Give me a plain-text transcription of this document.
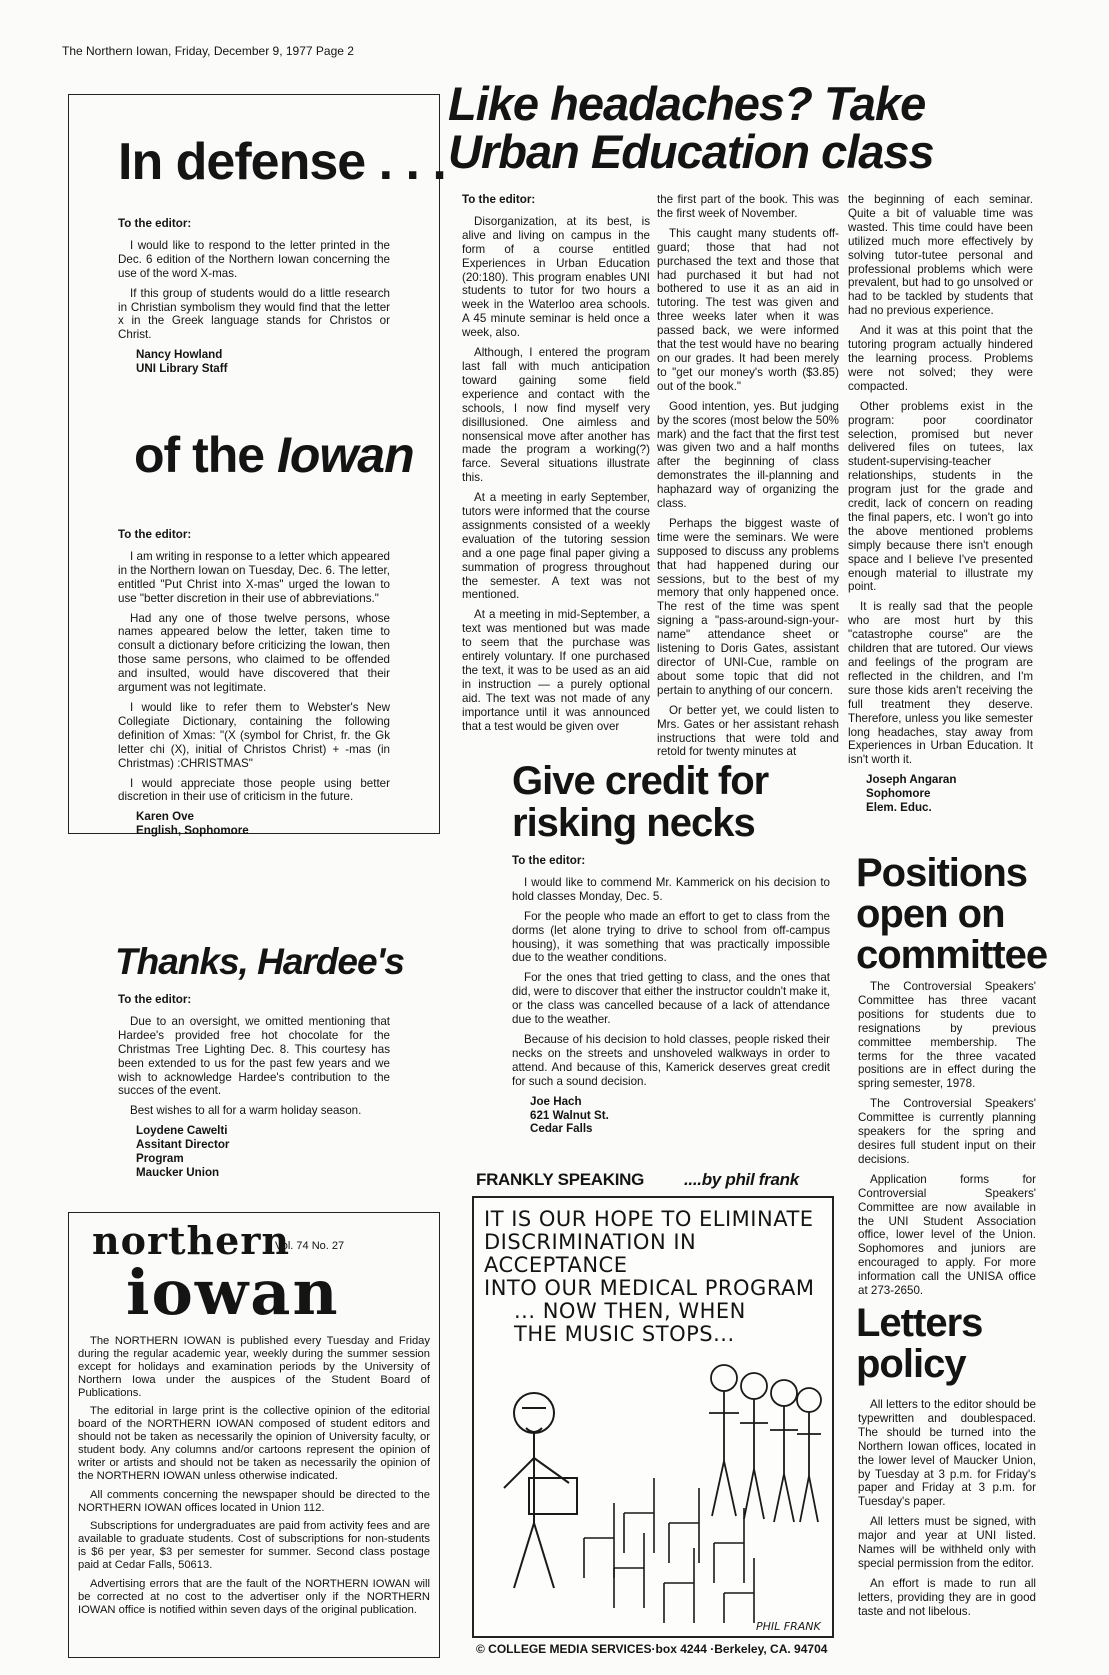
The Northern Iowan, Friday, December 9, 1977 Page 2
In defense . . .
To the editor:

I would like to respond to the letter printed in the Dec. 6 edition of the Northern Iowan concerning the use of the word X-mas.

If this group of students would do a little research in Christian symbolism they would find that the letter x in the Greek language stands for Christos or Christ.

Nancy Howland
UNI Library Staff
of the Iowan
To the editor:

I am writing in response to a letter which appeared in the Northern Iowan on Tuesday, Dec. 6. The letter, entitled "Put Christ into X-mas" urged the Iowan to use "better discretion in their use of abbreviations."

Had any one of those twelve persons, whose names appeared below the letter, taken time to consult a dictionary before criticizing the Iowan, then those same persons, who claimed to be offended and insulted, would have discovered that their argument was not legitimate.

I would like to refer them to Webster's New Collegiate Dictionary, containing the following definition of Xmas: "(X (symbol for Christ, fr. the Gk letter chi (X), initial of Christos Christ) + -mas (in Christmas) :CHRISTMAS"

I would appreciate those people using better discretion in their use of criticism in the future.

Karen Ove
English, Sophomore
Thanks, Hardee's
To the editor:

Due to an oversight, we omitted mentioning that Hardee's provided free hot chocolate for the Christmas Tree Lighting Dec. 8. This courtesy has been extended to us for the past few years and we wish to acknowledge Hardee's contribution to the succes of the event.

Best wishes to all for a warm holiday season.

Loydene Cawelti
Assitant Director
Program
Maucker Union
northern
Vol. 74 No. 27
iowan

The NORTHERN IOWAN is published every Tuesday and Friday during the regular academic year, weekly during the summer session except for holidays and examination periods by the University of Northern Iowa under the auspices of the Student Board of Publications.

The editorial in large print is the collective opinion of the editorial board of the NORTHERN IOWAN composed of student editors and should not be taken as necessarily the opinion of University faculty, or student body. Any columns and/or cartoons represent the opinion of writer or artists and should not be taken as necessarily the opinion of the NORTHERN IOWAN unless otherwise indicated.

All comments concerning the newspaper should be directed to the NORTHERN IOWAN offices located in Union 112.

Subscriptions for undergraduates are paid from activity fees and are available to graduate students. Cost of subscriptions for non-students is $6 per year, $3 per semester for summer. Second class postage paid at Cedar Falls, 50613.

Advertising errors that are the fault of the NORTHERN IOWAN will be corrected at no cost to the advertiser only if the NORTHERN IOWAN office is notified within seven days of the original publication.

Like headaches? Take Urban Education class
To the editor:

Disorganization, at its best, is alive and living on campus in the form of a course entitled Experiences in Urban Education (20:180). This program enables UNI students to tutor for two hours a week in the Waterloo area schools. A 45 minute seminar is held once a week, also.

Although, I entered the program last fall with much anticipation toward gaining some field experience and contact with the schools, I now find myself very disillusioned. One aimless and nonsensical move after another has made the program a working(?) farce. Several situations illustrate this.

At a meeting in early September, tutors were informed that the course assignments consisted of a weekly evaluation of the tutoring session and a one page final paper giving a summation of progress throughout the semester. A text was not mentioned.

At a meeting in mid-September, a text was mentioned but was made to seem that the purchase was entirely voluntary. If one purchased the text, it was to be used as an aid in instruction — a purely optional aid. The text was not made of any importance until it was announced that a test would be given over

the first part of the book. This was the first week of November.

This caught many students off-guard; those that had not purchased the text and those that had purchased it but had not bothered to use it as an aid in tutoring. The test was given and three weeks later when it was passed back, we were informed that the test would have no bearing on our grades. It had been merely to "get our money's worth ($3.85) out of the book."

Good intention, yes. But judging by the scores (most below the 50% mark) and the fact that the first test was given two and a half months after the beginning of class demonstrates the ill-planning and haphazard way of organizing the class.

Perhaps the biggest waste of time were the seminars. We were supposed to discuss any problems that had happened during our sessions, but to the best of my memory that only happened once. The rest of the time was spent signing a "pass-around-sign-your-name" attendance sheet or listening to Doris Gates, assistant director of UNI-Cue, ramble on about some topic that did not pertain to anything of our concern.

Or better yet, we could listen to Mrs. Gates or her assistant rehash instructions that were told and retold for twenty minutes at

the beginning of each seminar. Quite a bit of valuable time was wasted. This time could have been utilized much more effectively by solving tutor-tutee personal and professional problems which were prevalent, but had to go unsolved or had to be tackled by students that had no previous experience.

And it was at this point that the tutoring program actually hindered the learning process. Problems were not solved; they were compacted.

Other problems exist in the program: poor coordinator selection, promised but never delivered files on tutees, lax student-supervising-teacher relationships, students in the program just for the grade and credit, lack of concern on reading the final papers, etc. I won't go into the above mentioned problems simply because there isn't enough space and I believe I've presented enough material to illustrate my point.

It is really sad that the people who are most hurt by this "catastrophe course" are the children that are tutored. Our views and feelings of the program are reflected in the children, and I'm sure those kids aren't receiving the full treatment they deserve. Therefore, unless you like semester long headaches, stay away from Experiences in Urban Education. It isn't worth it.

Joseph Angaran
Sophomore
Elem. Educ.
Give credit for risking necks
To the editor:

I would like to commend Mr. Kammerick on his decision to hold classes Monday, Dec. 5.

For the people who made an effort to get to class from the dorms (let alone trying to drive to school from off-campus housing), it was something that was practically impossible due to the weather conditions.

For the ones that tried getting to class, and the ones that did, were to discover that either the instructor couldn't make it, or the class was cancelled because of a lack of attendance due to the weather.

Because of his decision to hold classes, people risked their necks on the streets and unshoveled walkways in order to attend. And because of this, Kamerick deserves great credit for such a sound decision.

Joe Hach
621 Walnut St.
Cedar Falls
FRANKLY SPEAKING ....by phil frank
IT IS OUR HOPE TO ELIMINATE
DISCRIMINATION IN ACCEPTANCE
INTO OUR MEDICAL PROGRAM
... NOW THEN, WHEN
THE MUSIC STOPS...
PHIL FRANK
© COLLEGE MEDIA SERVICES·box 4244 ·Berkeley, CA. 94704
Positions open on committee

The Controversial Speakers' Committee has three vacant positions for students due to resignations by previous committee membership. The terms for the three vacated positions are in effect during the spring semester, 1978.

The Controversial Speakers' Committee is currently planning speakers for the spring and desires full student input on their decisions.

Application forms for Controversial Speakers' Committee are now available in the UNI Student Association office, lower level of the Union. Sophomores and juniors are encouraged to apply. For more information call the UNISA office at 273-2650.

Letters policy

All letters to the editor should be typewritten and doublespaced. The should be turned into the Northern Iowan offices, located in the lower level of Maucker Union, by Tuesday at 3 p.m. for Friday's paper and Friday at 3 p.m. for Tuesday's paper.

All letters must be signed, with major and year at UNI listed. Names will be withheld only with special permission from the editor.

An effort is made to run all letters, providing they are in good taste and not libelous.
